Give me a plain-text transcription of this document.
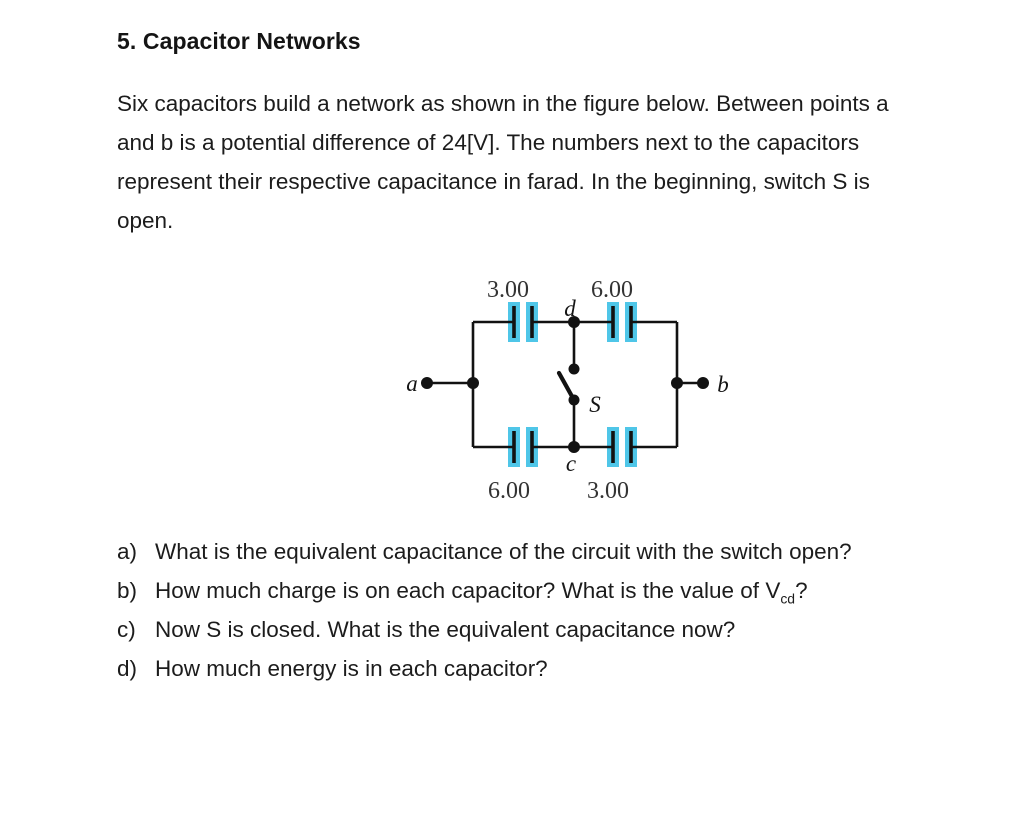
5. Capacitor Networks
Six capacitors build a network as shown in the figure below. Between points a
and b is a potential difference of 24[V]. The numbers next to the capacitors
represent their respective capacitance in farad. In the beginning, switch S is
open.
3.00	6.00
6.00 3.00
a	b
c
d
S
a) What is the equivalent capacitance of the circuit with the switch open?
b) How much charge is on each capacitor? What is the value of $V_{cd}$?
c) Now S is closed. What is the equivalent capacitance now?
d) How much energy is in each capacitor?
